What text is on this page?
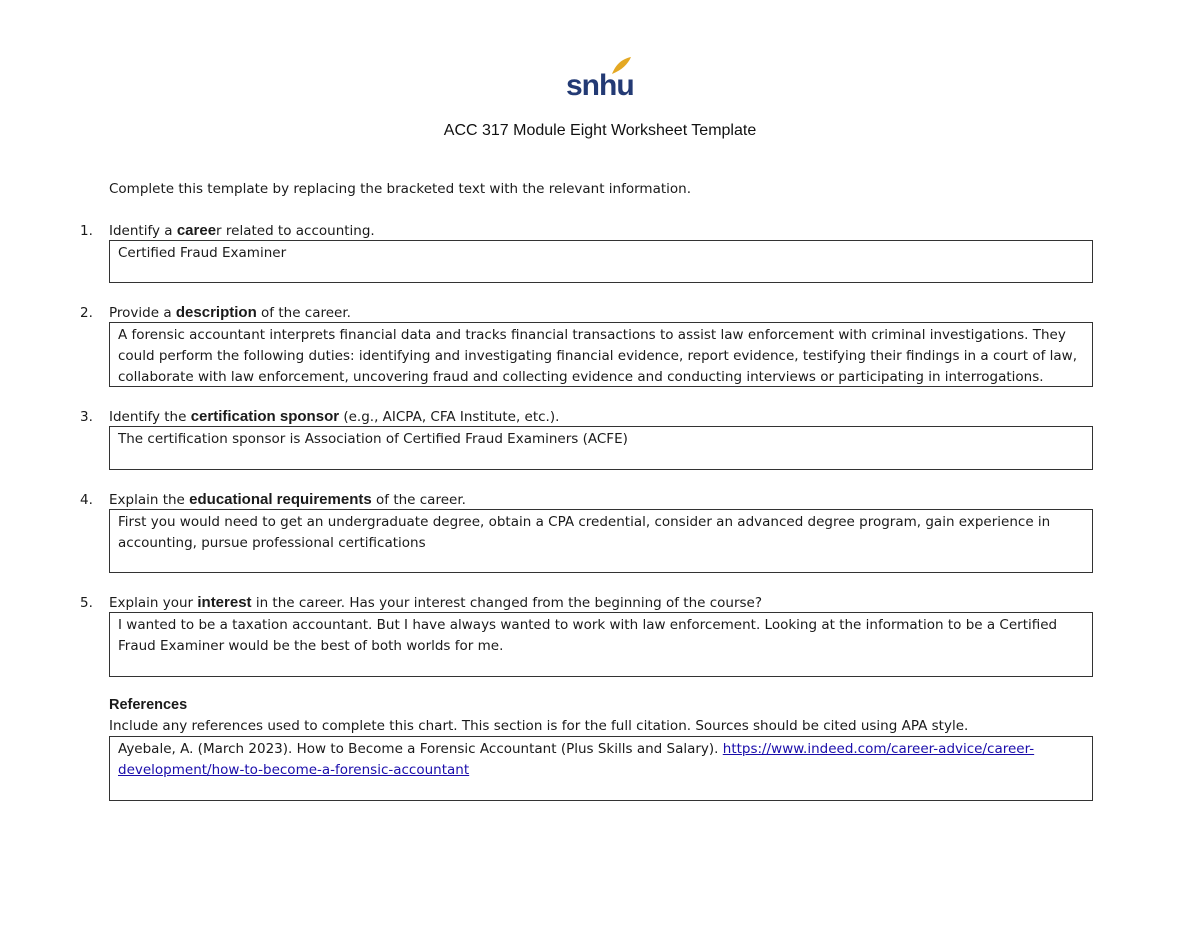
snhu
ACC 317 Module Eight Worksheet Template
Complete this template by replacing the bracketed text with the relevant information.
1. Identify a career related to accounting.
Certified Fraud Examiner
2. Provide a description of the career.
A forensic accountant interprets financial data and tracks financial transactions to assist law enforcement with criminal investigations. They could perform the following duties: identifying and investigating financial evidence, report evidence, testifying their findings in a court of law, collaborate with law enforcement, uncovering fraud and collecting evidence and conducting interviews or participating in interrogations.
3. Identify the certification sponsor (e.g., AICPA, CFA Institute, etc.).
The certification sponsor is Association of Certified Fraud Examiners (ACFE)
4. Explain the educational requirements of the career.
First you would need to get an undergraduate degree, obtain a CPA credential, consider an advanced degree program, gain experience in accounting, pursue professional certifications
5. Explain your interest in the career. Has your interest changed from the beginning of the course?
I wanted to be a taxation accountant. But I have always wanted to work with law enforcement. Looking at the information to be a Certified Fraud Examiner would be the best of both worlds for me.
References
Include any references used to complete this chart. This section is for the full citation. Sources should be cited using APA style.
Ayebale, A. (March 2023). How to Become a Forensic Accountant (Plus Skills and Salary). https://www.indeed.com/career-advice/career-development/how-to-become-a-forensic-accountant
